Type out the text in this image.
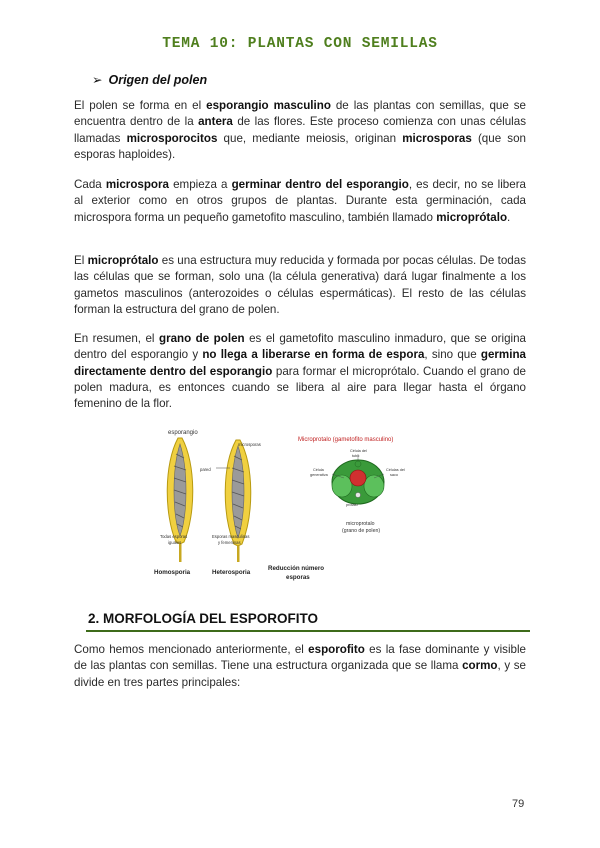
TEMA 10: PLANTAS CON SEMILLAS
➢ Origen del polen

El polen se forma en el esporangio masculino de las plantas con semillas, que se encuentra dentro de la antera de las flores. Este proceso comienza con unas células llamadas microsporocitos que, mediante meiosis, originan microsporas (que son esporas haploides).

Cada microspora empieza a germinar dentro del esporangio, es decir, no se libera al exterior como en otros grupos de plantas. Durante esta germinación, cada microspora forma un pequeño gametofito masculino, también llamado microprótalo.

El microprótalo es una estructura muy reducida y formada por pocas células. De todas las células que se forman, solo una (la célula generativa) dará lugar finalmente a los gametos masculinos (anterozoides o células espermáticas). El resto de las células forman la estructura del grano de polen.

En resumen, el grano de polen es el gametofito masculino inmaduro, que se origina dentro del esporangio y no llega a liberarse en forma de espora, sino que germina directamente dentro del esporangio para formar el microprótalo. Cuando el grano de polen madura, es entonces cuando se libera al aire para llegar hasta el órgano femenino de la flor.

esporangio
microsporas
pared
Todas esporas
iguales
Esporas masculinas
y femeninas
Microprotalo (gametofito masculino)
Célula del
tubo
Célula
generativa
Células del
saco
protalo
microprotalo
(grano de polen)
Homosporia	Heterosporia
Reducción número
esporas
2. MORFOLOGÍA DEL ESPOROFITO

Como hemos mencionado anteriormente, el esporofito es la fase dominante y visible de las plantas con semillas. Tiene una estructura organizada que se llama cormo, y se divide en tres partes principales:

79
